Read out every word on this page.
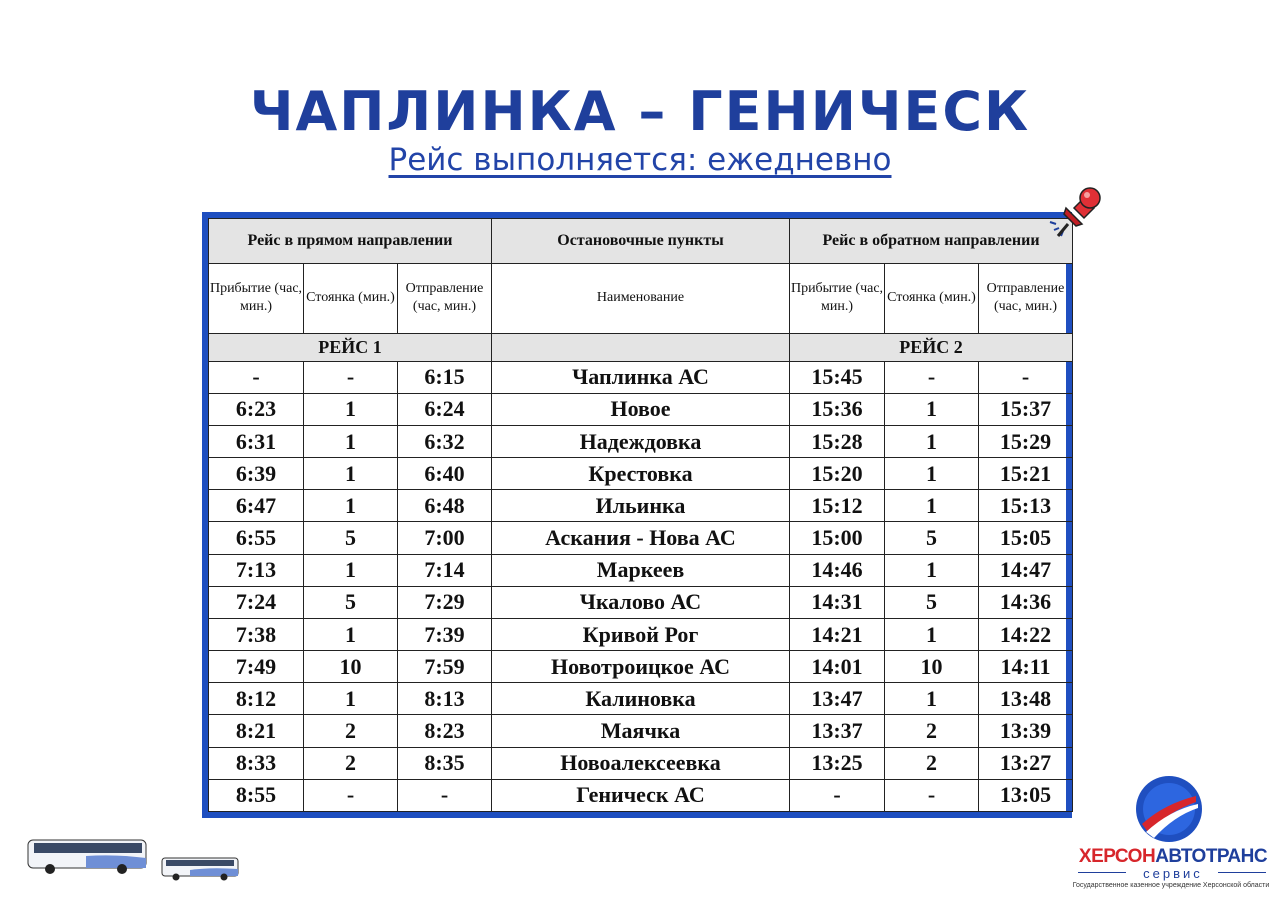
ЧАПЛИНКА – ГЕНИЧЕСК
Рейс выполняется: ежедневно
Рейс в прямом направлении			Остановочные пункты	Рейс в обратном направлении		
Прибытие (час, мин.)	Стоянка (мин.)	Отправление (час, мин.)	Наименование	Прибытие (час, мин.)	Стоянка (мин.)	Отправление (час, мин.)
РЕЙС 1				РЕЙС 2		
-	-	6:15	Чаплинка АС	15:45	-	-
6:23	1	6:24	Новое	15:36	1	15:37
6:31	1	6:32	Надеждовка	15:28	1	15:29
6:39	1	6:40	Крестовка	15:20	1	15:21
6:47	1	6:48	Ильинка	15:12	1	15:13
6:55	5	7:00	Аскания - Нова АС	15:00	5	15:05
7:13	1	7:14	Маркеев	14:46	1	14:47
7:24	5	7:29	Чкалово АС	14:31	5	14:36
7:38	1	7:39	Кривой Рог	14:21	1	14:22
7:49	10	7:59	Новотроицкое АС	14:01	10	14:11
8:12	1	8:13	Калиновка	13:47	1	13:48
8:21	2	8:23	Маячка	13:37	2	13:39
8:33	2	8:35	Новоалексеевка	13:25	2	13:27
8:55	-	-	Геническ АС	-	-	13:05
ХЕРСОНАВТОТРАНС
сервис
Государственное казенное учреждение Херсонской области
